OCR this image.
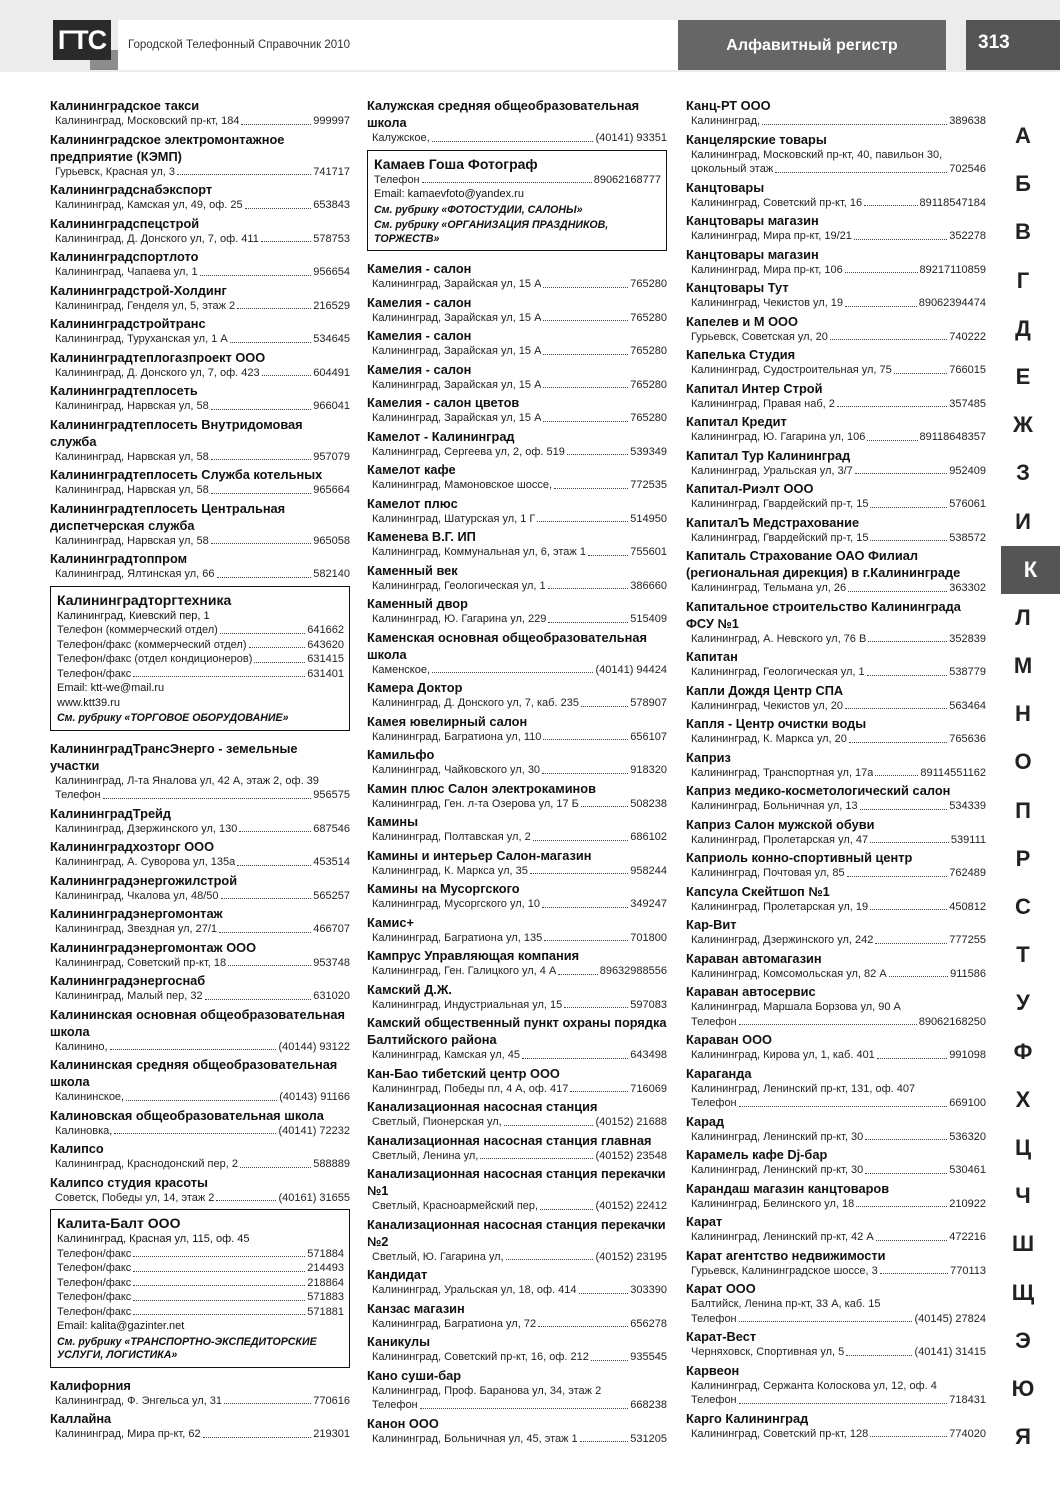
ГТС	Городской Телефонный Справочник 2010	Алфавитный регистр	313
Калининградское такси
Калининград, Московский пр-кт, 184	999997
Калининградское электромонтажное предприятие (КЭМП)
Гурьевск, Красная ул, 3	741717
Калининградснабэкспорт
Калининград, Камская ул, 49, оф. 25	653843
Калининградспецстрой
Калининград, Д. Донского ул, 7, оф. 411	578753
Калининградспортлото
Калининград, Чапаева ул, 1	956654
Калининградстрой-Холдинг
Калининград, Генделя ул, 5, этаж 2	216529
Калининградстройтранс
Калининград, Туруханская ул, 1 А	534645
Калининградтеплогазпроект ООО
Калининград, Д. Донского ул, 7, оф. 423	604491
Калининградтеплосеть
Калининград, Нарвская ул, 58	966041
Калининградтеплосеть Внутридомовая служба
Калининград, Нарвская ул, 58	957079
Калининградтеплосеть Служба котельных
Калининград, Нарвская ул, 58	965664
Калининградтеплосеть Центральная диспетчерская служба
Калининград, Нарвская ул, 58	965058
Калининградтоппром
Калининград, Ялтинская ул, 66	582140
Калининградторгтехника
Калининград, Киевский пер, 1
Телефон (коммерческий отдел)	641662
Телефон/факс (коммерческий отдел)	643620
Телефон/факс (отдел кондиционеров)	631415
Телефон/факс	631401
Email: ktt-we@mail.ru
www.ktt39.ru
См. рубрику «ТОРГОВОЕ ОБОРУДОВАНИЕ»
КалининградТрансЭнерго - земельные участки
Калининград, Л-та Яналова ул, 42 А, этаж 2, оф. 39
Телефон	956575
КалининградТрейд
Калининград, Дзержинского ул, 130	687546
Калининградхозторг ООО
Калининград, А. Суворова ул, 135а	453514
Калининградэнергожилстрой
Калининград, Чкалова ул, 48/50	565257
Калининградэнергомонтаж
Калининград, Звездная ул, 27/1	466707
Калининградэнергомонтаж ООО
Калининград, Советский пр-кт, 18	953748
Калининградэнергоснаб
Калининград, Малый пер, 32	631020
Калининская основная общеобразовательная школа
Калинино,	(40144) 93122
Калининская средняя общеобразовательная школа
Калининское,	(40143) 91166
Калиновская общеобразовательная школа
Калиновка,	(40141) 72232
Калипсо
Калининград, Краснодонский пер, 2	588889
Калипсо студия красоты
Советск, Победы ул, 14, этаж 2	(40161) 31655
Калита-Балт ООО
Калининград, Красная ул, 115, оф. 45
Телефон/факс	571884
Телефон/факс	214493
Телефон/факс	218864
Телефон/факс	571883
Телефон/факс	571881
Email: kalita@gazinter.net
См. рубрику «ТРАНСПОРТНО-ЭКСПЕДИТОРСКИЕ УСЛУГИ, ЛОГИСТИКА»
Калифорния
Калининград, Ф. Энгельса ул, 31	770616
Каллайна
Калининград, Мира пр-кт, 62	219301
Калужская средняя общеобразовательная школа
Калужское,	(40141) 93351
Камаев Гоша Фотограф
Телефон	89062168777
Email: kamaevfoto@yandex.ru
См. рубрику «ФОТОСТУДИИ, САЛОНЫ»
См. рубрику «ОРГАНИЗАЦИЯ ПРАЗДНИКОВ, ТОРЖЕСТВ»
Камелия - салон
Калининград, Зарайская ул, 15 А	765280
Камелия - салон
Калининград, Зарайская ул, 15 А	765280
Камелия - салон
Калининград, Зарайская ул, 15 А	765280
Камелия - салон
Калининград, Зарайская ул, 15 А	765280
Камелия - салон цветов
Калининград, Зарайская ул, 15 А	765280
Камелот - Калининград
Калининград, Сергеева ул, 2, оф. 519	539349
Камелот кафе
Калининград, Мамоновское шоссе,	772535
Камелот плюс
Калининград, Шатурская ул, 1 Г	514950
Каменева В.Г. ИП
Калининград, Коммунальная ул, 6, этаж 1	755601
Каменный век
Калининград, Геологическая ул, 1	386660
Каменный двор
Калининград, Ю. Гагарина ул, 229	515409
Каменская основная общеобразовательная школа
Каменское,	(40141) 94424
Камера Доктор
Калининград, Д. Донского ул, 7, каб. 235	578907
Камея ювелирный салон
Калининград, Багратиона ул, 110	656107
Камильфо
Калининград, Чайковского ул, 30	918320
Камин плюс Салон электрокаминов
Калининград, Ген. л-та Озерова ул, 17 Б	508238
Камины
Калининград, Полтавская ул, 2	686102
Камины и интерьер Салон-магазин
Калининград, К. Маркса ул, 35	958244
Камины на Мусоргского
Калининград, Мусоргского ул, 10	349247
Камис+
Калининград, Багратиона ул, 135	701800
Кампрус Управляющая компания
Калининград, Ген. Галицкого ул, 4 А	89632988556
Камский Д.Ж.
Калининград, Индустриальная ул, 15	597083
Камский общественный пункт охраны порядка Балтийского района
Калининград, Камская ул, 45	643498
Кан-Бао тибетский центр ООО
Калининград, Победы пл, 4 А, оф. 417	716069
Канализационная насосная станция
Светлый, Пионерская ул,	(40152) 21688
Канализационная насосная станция главная
Светлый, Ленина ул,	(40152) 23548
Канализационная насосная станция перекачки №1
Светлый, Красноармейский пер,	(40152) 22412
Канализационная насосная станция перекачки №2
Светлый, Ю. Гагарина ул,	(40152) 23195
Кандидат
Калининград, Уральская ул, 18, оф. 414	303390
Канзас магазин
Калининград, Багратиона ул, 72	656278
Каникулы
Калининград, Советский пр-кт, 16, оф. 212	935545
Кано суши-бар
Калининград, Проф. Баранова ул, 34, этаж 2
Телефон	668238
Канон ООО
Калининград, Больничная ул, 45, этаж 1	531205
Канц-РТ ООО
Калининград,	389638
Канцелярские товары
Калининград, Московский пр-кт, 40, павильон 30,
цокольный этаж	702546
Канцтовары
Калининград, Советский пр-кт, 16	89118547184
Канцтовары магазин
Калининград, Мира пр-кт, 19/21	352278
Канцтовары магазин
Калининград, Мира пр-кт, 106	89217110859
Канцтовары Тут
Калининград, Чекистов ул, 19	89062394474
Капелев и М ООО
Гурьевск, Советская ул, 20	740222
Капелька Студия
Калининград, Судостроительная ул, 75	766015
Капитал Интер Строй
Калининград, Правая наб, 2	357485
Капитал Кредит
Калининград, Ю. Гагарина ул, 106	89118648357
Капитал Тур Калининград
Калининград, Уральская ул, 3/7	952409
Капитал-Риэлт ООО
Калининград, Гвардейский пр-т, 15	576061
КапиталЪ Медстрахование
Калининград, Гвардейский пр-т, 15	538572
Капиталь Страхование ОАО Филиал (региональная дирекция) в г.Калининграде
Калининград, Тельмана ул, 26	363302
Капитальное строительство Калининграда ФСУ №1
Калининград, А. Невского ул, 76 В	352839
Капитан
Калининград, Геологическая ул, 1	538779
Капли Дождя Центр СПА
Калининград, Чекистов ул, 20	563464
Капля - Центр очистки воды
Калининград, К. Маркса ул, 20	765636
Каприз
Калининград, Транспортная ул, 17а	89114551162
Каприз медико-косметологический салон
Калининград, Больничная ул, 13	534339
Каприз Салон мужской обуви
Калининград, Пролетарская ул, 47	539111
Каприоль конно-спортивный центр
Калининград, Почтовая ул, 85	762489
Капсула Скейтшоп №1
Калининград, Пролетарская ул, 19	450812
Кар-Вит
Калининград, Дзержинского ул, 242	777255
Караван автомагазин
Калининград, Комсомольская ул, 82 А	911586
Караван автосервис
Калининград, Маршала Борзова ул, 90 А
Телефон	89062168250
Караван ООО
Калининград, Кирова ул, 1, каб. 401	991098
Караганда
Калининград, Ленинский пр-кт, 131, оф. 407
Телефон	669100
Карад
Калининград, Ленинский пр-кт, 30	536320
Карамель кафе Dj-бар
Калининград, Ленинский пр-кт, 30	530461
Карандаш магазин канцтоваров
Калининград, Белинского ул, 18	210922
Карат
Калининград, Ленинский пр-кт, 42 А	472216
Карат агентство недвижимости
Гурьевск, Калининградское шоссе, 3	770113
Карат ООО
Балтийск, Ленина пр-кт, 33 А, каб. 15
Телефон	(40145) 27824
Карат-Вест
Черняховск, Спортивная ул, 5	(40141) 31415
Карвеон
Калининград, Сержанта Колоскова ул, 12, оф. 4
Телефон	718431
Карго Калининград
Калининград, Советский пр-кт, 128	774020
А
Б
В
Г
Д
Е
Ж
З
И
К
Л
М
Н
О
П
Р
С
Т
У
Ф
Х
Ц
Ч
Ш
Щ
Э
Ю
Я
